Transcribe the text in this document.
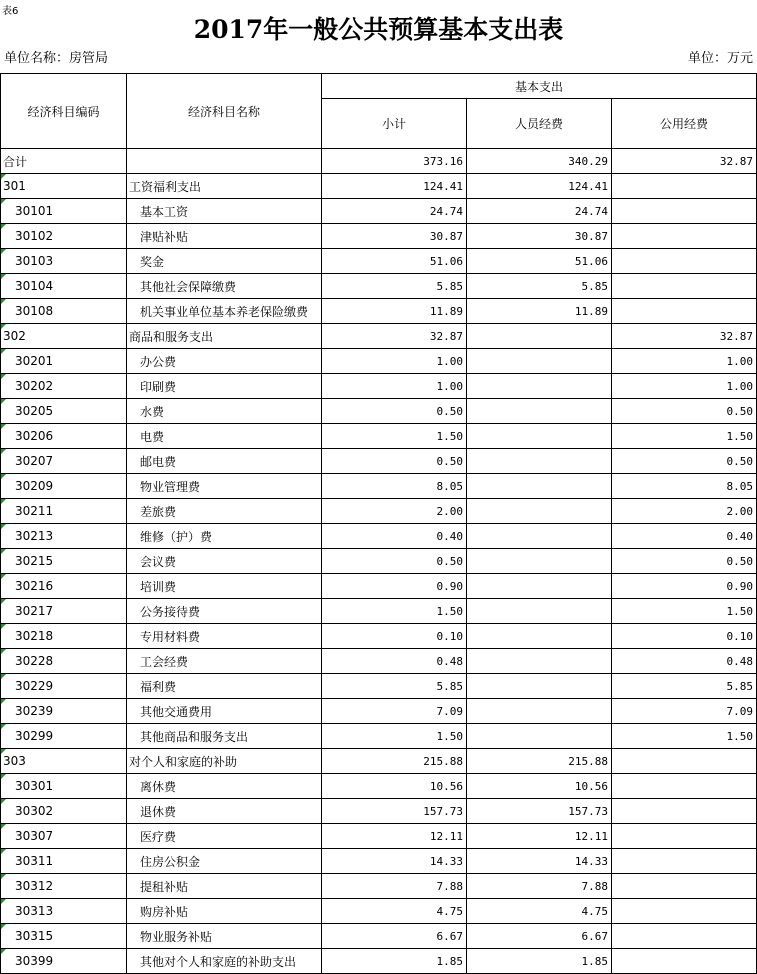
表6
2017年一般公共预算基本支出表
单位名称：房管局	单位：万元
经济科目编码	经济科目名称	基本支出		
		小计	人员经费	公用经费
合计		373.16	340.29	32.87

301	工资福利支出	124.41	124.41	

30101	基本工资	24.74	24.74	

30102	津贴补贴	30.87	30.87	

30103	奖金	51.06	51.06	

30104	其他社会保障缴费	5.85	5.85	

30108	机关事业单位基本养老保险缴费	11.89	11.89	

302	商品和服务支出	32.87		32.87

30201	办公费	1.00		1.00

30202	印刷费	1.00		1.00

30205	水费	0.50		0.50

30206	电费	1.50		1.50

30207	邮电费	0.50		0.50

30209	物业管理费	8.05		8.05

30211	差旅费	2.00		2.00

30213	维修（护）费	0.40		0.40

30215	会议费	0.50		0.50

30216	培训费	0.90		0.90

30217	公务接待费	1.50		1.50

30218	专用材料费	0.10		0.10

30228	工会经费	0.48		0.48

30229	福利费	5.85		5.85

30239	其他交通费用	7.09		7.09

30299	其他商品和服务支出	1.50		1.50

303	对个人和家庭的补助	215.88	215.88	

30301	离休费	10.56	10.56	

30302	退休费	157.73	157.73	

30307	医疗费	12.11	12.11	

30311	住房公积金	14.33	14.33	

30312	提租补贴	7.88	7.88	

30313	购房补贴	4.75	4.75	

30315	物业服务补贴	6.67	6.67	

30399	其他对个人和家庭的补助支出	1.85	1.85	
